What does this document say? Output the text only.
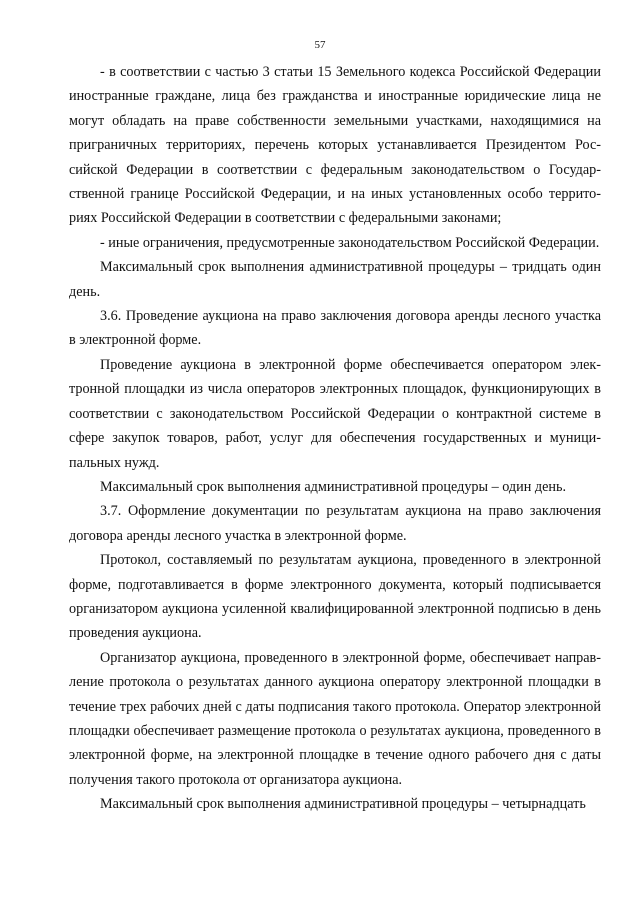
57

- в соответствии с частью 3 статьи 15 Земельного кодекса Российской Федерации иностранные граждане, лица без гражданства и иностранные юридические лица не могут обладать на праве собственности земельными участками, находящимися на приграничных территориях, перечень которых устанавливается Президентом Российской Федерации в соответствии с федеральным законодательством о Государственной границе Российской Федерации, и на иных установленных особо территориях Российской Федерации в соответствии с федеральными законами;

- иные ограничения, предусмотренные законодательством Российской Федерации.

Максимальный срок выполнения административной процедуры – тридцать один день.

3.6. Проведение аукциона на право заключения договора аренды лесного участка в электронной форме.

Проведение аукциона в электронной форме обеспечивается оператором электронной площадки из числа операторов электронных площадок, функционирующих в соответствии с законодательством Российской Федерации о контрактной системе в сфере закупок товаров, работ, услуг для обеспечения государственных и муниципальных нужд.

Максимальный срок выполнения административной процедуры – один день.

3.7. Оформление документации по результатам аукциона на право заключения договора аренды лесного участка в электронной форме.

Протокол, составляемый по результатам аукциона, проведенного в электронной форме, подготавливается в форме электронного документа, который подписывается организатором аукциона усиленной квалифицированной электронной подписью в день проведения аукциона.

Организатор аукциона, проведенного в электронной форме, обеспечивает направление протокола о результатах данного аукциона оператору электронной площадки в течение трех рабочих дней с даты подписания такого протокола. Оператор электронной площадки обеспечивает размещение протокола о результатах аукциона, проведенного в электронной форме, на электронной площадке в течение одного рабочего дня с даты получения такого протокола от организатора аукциона.

Максимальный срок выполнения административной процедуры – четырнадцать
